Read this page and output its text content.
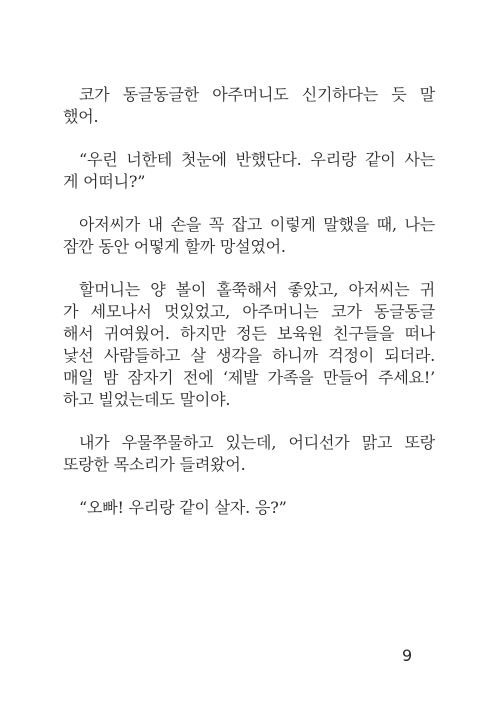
코가 동글동글한 아주머니도 신기하다는 듯 말
했어.
“우린 너한테 첫눈에 반했단다. 우리랑 같이 사는
게 어떠니?”
아저씨가 내 손을 꼭 잡고 이렇게 말했을 때, 나는
잠깐 동안 어떻게 할까 망설였어.
할머니는 양 볼이 홀쭉해서 좋았고, 아저씨는 귀
가 세모나서 멋있었고, 아주머니는 코가 동글동글
해서 귀여웠어. 하지만 정든 보육원 친구들을 떠나
낯선 사람들하고 살 생각을 하니까 걱정이 되더라.
매일 밤 잠자기 전에 ‘제발 가족을 만들어 주세요!’
하고 빌었는데도 말이야.
내가 우물쭈물하고 있는데, 어디선가 맑고 또랑
또랑한 목소리가 들려왔어.
“오빠! 우리랑 같이 살자. 응?”
9
